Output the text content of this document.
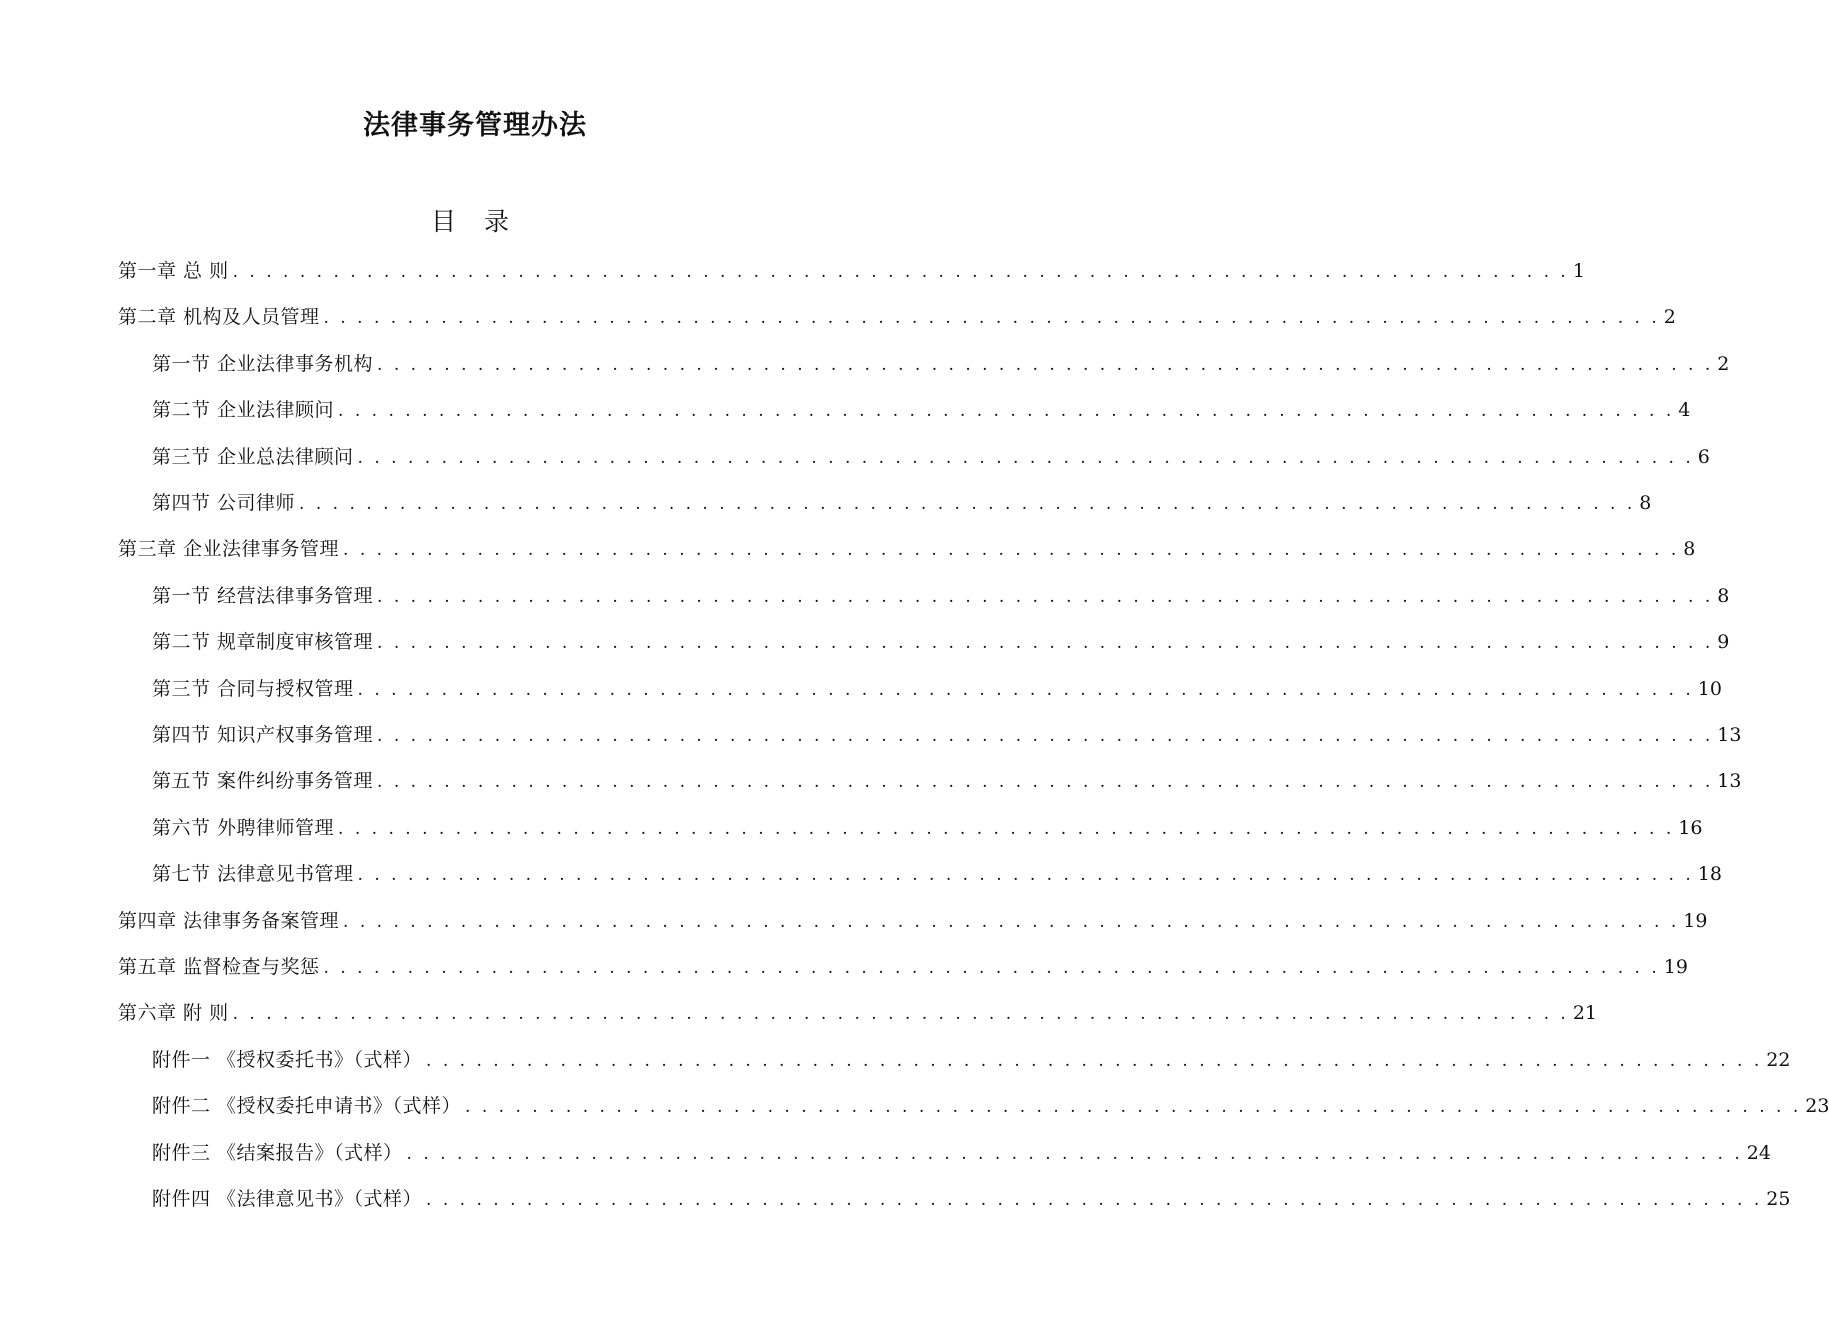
法律事务管理办法
目 录
第一章 总 则 . . . . . . . . . . . . . . . . . . . . . . . . . . . . . . . . . . . . . . . . . . . . . . . . . . . . . . . . . . . . . . . . . . . . . . . . . . . . . . . . 1
第二章 机构及人员管理 . . . . . . . . . . . . . . . . . . . . . . . . . . . . . . . . . . . . . . . . . . . . . . . . . . . . . . . . . . . . . . . . . . . . . . . . . . . . . . . . 2
第一节 企业法律事务机构 . . . . . . . . . . . . . . . . . . . . . . . . . . . . . . . . . . . . . . . . . . . . . . . . . . . . . . . . . . . . . . . . . . . . . . . . . . . . . . . . 2
第二节 企业法律顾问 . . . . . . . . . . . . . . . . . . . . . . . . . . . . . . . . . . . . . . . . . . . . . . . . . . . . . . . . . . . . . . . . . . . . . . . . . . . . . . . . 4
第三节 企业总法律顾问 . . . . . . . . . . . . . . . . . . . . . . . . . . . . . . . . . . . . . . . . . . . . . . . . . . . . . . . . . . . . . . . . . . . . . . . . . . . . . . . . 6
第四节 公司律师 . . . . . . . . . . . . . . . . . . . . . . . . . . . . . . . . . . . . . . . . . . . . . . . . . . . . . . . . . . . . . . . . . . . . . . . . . . . . . . . . 8
第三章 企业法律事务管理 . . . . . . . . . . . . . . . . . . . . . . . . . . . . . . . . . . . . . . . . . . . . . . . . . . . . . . . . . . . . . . . . . . . . . . . . . . . . . . . . 8
第一节 经营法律事务管理 . . . . . . . . . . . . . . . . . . . . . . . . . . . . . . . . . . . . . . . . . . . . . . . . . . . . . . . . . . . . . . . . . . . . . . . . . . . . . . . . 8
第二节 规章制度审核管理 . . . . . . . . . . . . . . . . . . . . . . . . . . . . . . . . . . . . . . . . . . . . . . . . . . . . . . . . . . . . . . . . . . . . . . . . . . . . . . . . 9
第三节 合同与授权管理 . . . . . . . . . . . . . . . . . . . . . . . . . . . . . . . . . . . . . . . . . . . . . . . . . . . . . . . . . . . . . . . . . . . . . . . . . . . . . . . . 10
第四节 知识产权事务管理 . . . . . . . . . . . . . . . . . . . . . . . . . . . . . . . . . . . . . . . . . . . . . . . . . . . . . . . . . . . . . . . . . . . . . . . . . . . . . . . . 13
第五节 案件纠纷事务管理 . . . . . . . . . . . . . . . . . . . . . . . . . . . . . . . . . . . . . . . . . . . . . . . . . . . . . . . . . . . . . . . . . . . . . . . . . . . . . . . . 13
第六节 外聘律师管理 . . . . . . . . . . . . . . . . . . . . . . . . . . . . . . . . . . . . . . . . . . . . . . . . . . . . . . . . . . . . . . . . . . . . . . . . . . . . . . . . 16
第七节 法律意见书管理 . . . . . . . . . . . . . . . . . . . . . . . . . . . . . . . . . . . . . . . . . . . . . . . . . . . . . . . . . . . . . . . . . . . . . . . . . . . . . . . . 18
第四章 法律事务备案管理 . . . . . . . . . . . . . . . . . . . . . . . . . . . . . . . . . . . . . . . . . . . . . . . . . . . . . . . . . . . . . . . . . . . . . . . . . . . . . . . . 19
第五章 监督检查与奖惩 . . . . . . . . . . . . . . . . . . . . . . . . . . . . . . . . . . . . . . . . . . . . . . . . . . . . . . . . . . . . . . . . . . . . . . . . . . . . . . . . 19
第六章 附 则 . . . . . . . . . . . . . . . . . . . . . . . . . . . . . . . . . . . . . . . . . . . . . . . . . . . . . . . . . . . . . . . . . . . . . . . . . . . . . . . . 21
附件一 《授权委托书》（式样） . . . . . . . . . . . . . . . . . . . . . . . . . . . . . . . . . . . . . . . . . . . . . . . . . . . . . . . . . . . . . . . . . . . . . . . . . . . . . . . . 22
附件二 《授权委托申请书》（式样） . . . . . . . . . . . . . . . . . . . . . . . . . . . . . . . . . . . . . . . . . . . . . . . . . . . . . . . . . . . . . . . . . . . . . . . . . . . . . . . . 23
附件三 《结案报告》（式样） . . . . . . . . . . . . . . . . . . . . . . . . . . . . . . . . . . . . . . . . . . . . . . . . . . . . . . . . . . . . . . . . . . . . . . . . . . . . . . . . 24
附件四 《法律意见书》（式样） . . . . . . . . . . . . . . . . . . . . . . . . . . . . . . . . . . . . . . . . . . . . . . . . . . . . . . . . . . . . . . . . . . . . . . . . . . . . . . . . 25
